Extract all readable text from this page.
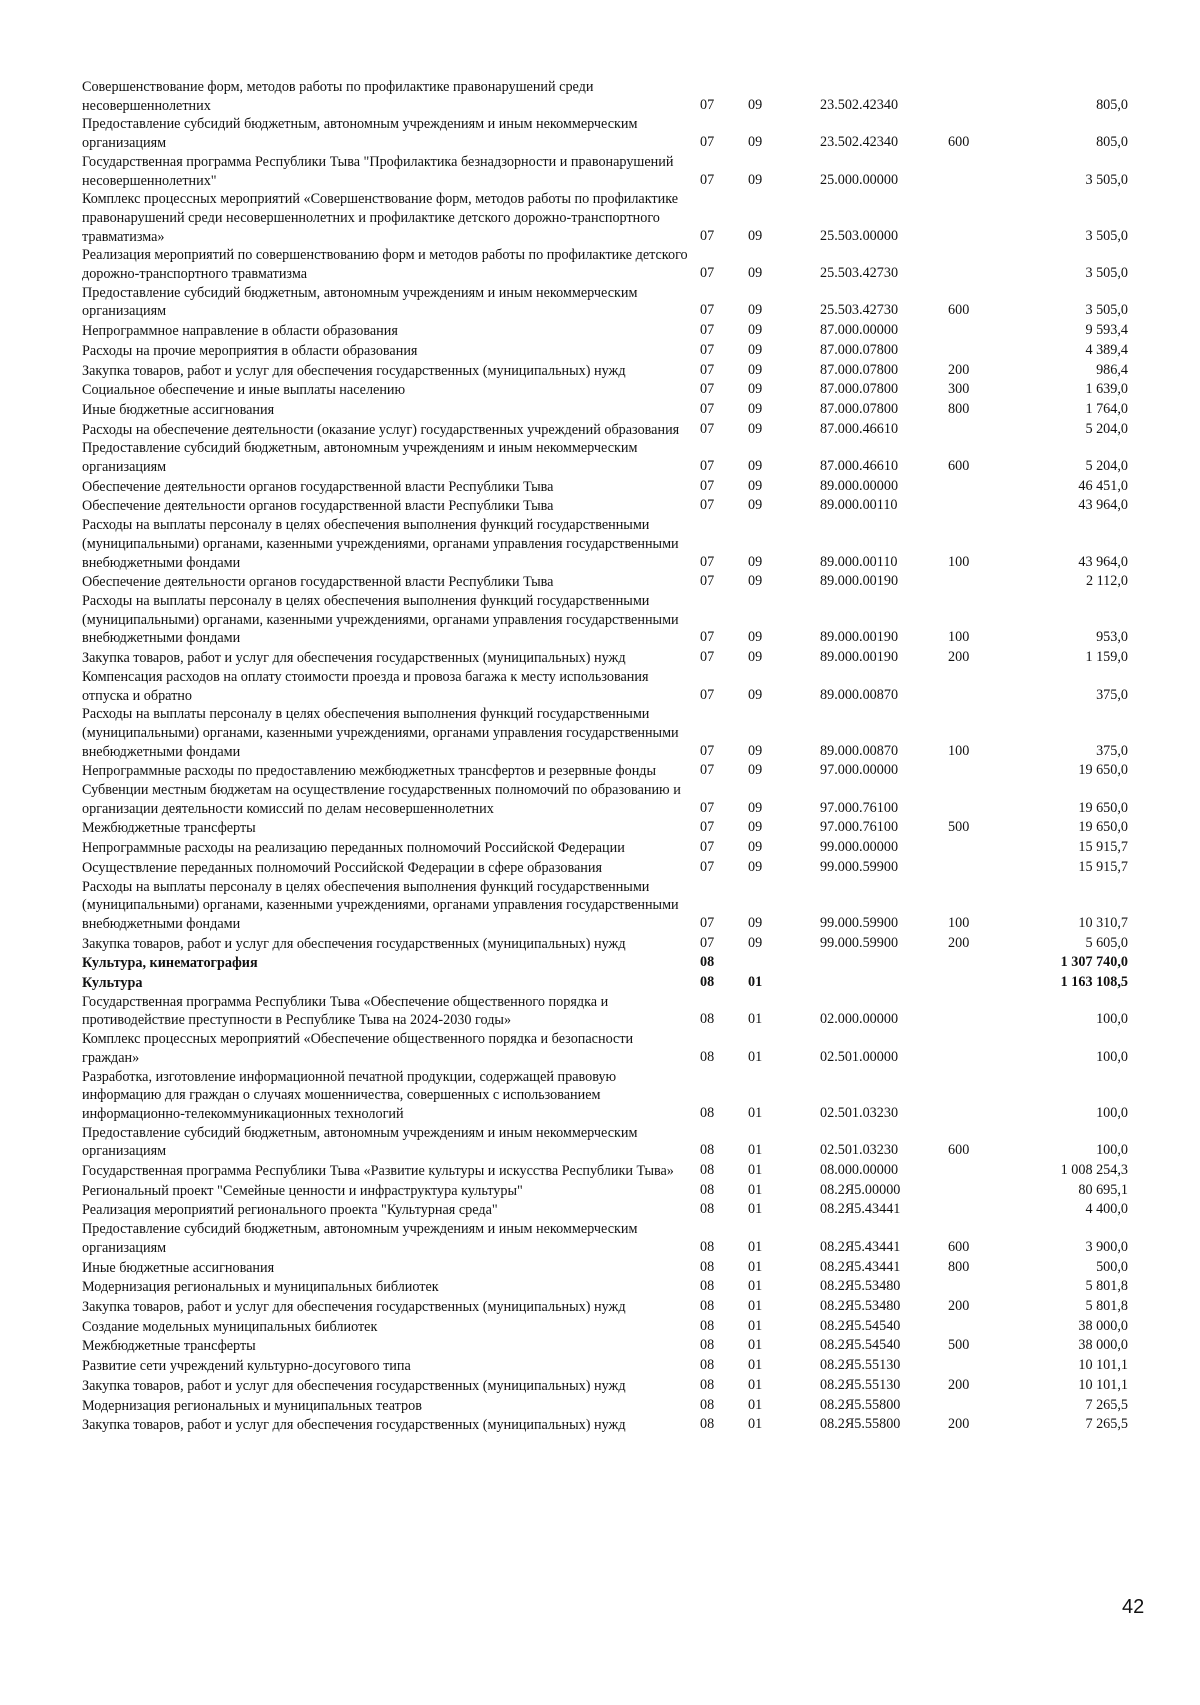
Совершенствование форм, методов работы по профилактике правонарушений среди несовершеннолетних	07	09	23.502.42340		805,0
Предоставление субсидий бюджетным, автономным учреждениям и иным некоммерческим организациям	07	09	23.502.42340	600	805,0
Государственная программа Республики Тыва "Профилактика безнадзорности и правонарушений несовершеннолетних"	07	09	25.000.00000		3 505,0
Комплекс процессных мероприятий «Совершенствование форм, методов работы по профилактике правонарушений среди несовершеннолетних и профилактике детского дорожно-транспортного травматизма»	07	09	25.503.00000		3 505,0
Реализация мероприятий по совершенствованию форм и методов работы по профилактике детского дорожно-транспортного травматизма	07	09	25.503.42730		3 505,0
Предоставление субсидий бюджетным, автономным учреждениям и иным некоммерческим организациям	07	09	25.503.42730	600	3 505,0
Непрограммное направление в области образования	07	09	87.000.00000		9 593,4
Расходы на прочие мероприятия в области образования	07	09	87.000.07800		4 389,4
Закупка товаров, работ и услуг для обеспечения государственных (муниципальных) нужд	07	09	87.000.07800	200	986,4
Социальное обеспечение и иные выплаты населению	07	09	87.000.07800	300	1 639,0
Иные бюджетные ассигнования	07	09	87.000.07800	800	1 764,0
Расходы на обеспечение деятельности (оказание услуг) государственных учреждений образования	07	09	87.000.46610		5 204,0
Предоставление субсидий бюджетным, автономным учреждениям и иным некоммерческим организациям	07	09	87.000.46610	600	5 204,0
Обеспечение деятельности органов государственной власти Республики Тыва	07	09	89.000.00000		46 451,0
Обеспечение деятельности органов государственной власти Республики Тыва	07	09	89.000.00110		43 964,0
Расходы на выплаты персоналу в целях обеспечения выполнения функций государственными (муниципальными) органами, казенными учреждениями, органами управления государственными внебюджетными фондами	07	09	89.000.00110	100	43 964,0
Обеспечение деятельности органов государственной власти Республики Тыва	07	09	89.000.00190		2 112,0
Расходы на выплаты персоналу в целях обеспечения выполнения функций государственными (муниципальными) органами, казенными учреждениями, органами управления государственными внебюджетными фондами	07	09	89.000.00190	100	953,0
Закупка товаров, работ и услуг для обеспечения государственных (муниципальных) нужд	07	09	89.000.00190	200	1 159,0
Компенсация расходов на оплату стоимости проезда и провоза багажа к месту использования отпуска и обратно	07	09	89.000.00870		375,0
Расходы на выплаты персоналу в целях обеспечения выполнения функций государственными (муниципальными) органами, казенными учреждениями, органами управления государственными внебюджетными фондами	07	09	89.000.00870	100	375,0
Непрограммные расходы по предоставлению межбюджетных трансфертов и резервные фонды	07	09	97.000.00000		19 650,0
Субвенции местным бюджетам на осуществление государственных полномочий по образованию и организации деятельности комиссий по делам несовершеннолетних	07	09	97.000.76100		19 650,0
Межбюджетные трансферты	07	09	97.000.76100	500	19 650,0
Непрограммные расходы на реализацию переданных полномочий Российской Федерации	07	09	99.000.00000		15 915,7
Осуществление переданных полномочий Российской Федерации в сфере образования	07	09	99.000.59900		15 915,7
Расходы на выплаты персоналу в целях обеспечения выполнения функций государственными (муниципальными) органами, казенными учреждениями, органами управления государственными внебюджетными фондами	07	09	99.000.59900	100	10 310,7
Закупка товаров, работ и услуг для обеспечения государственных (муниципальных) нужд	07	09	99.000.59900	200	5 605,0
Культура, кинематография	08				1 307 740,0
Культура	08	01			1 163 108,5
Государственная программа Республики Тыва «Обеспечение общественного порядка и противодействие преступности в Республике Тыва на 2024-2030 годы»	08	01	02.000.00000		100,0
Комплекс процессных мероприятий «Обеспечение общественного порядка и безопасности граждан»	08	01	02.501.00000		100,0
Разработка, изготовление информационной печатной продукции, содержащей правовую информацию для граждан о случаях мошенничества, совершенных с использованием информационно-телекоммуникационных технологий	08	01	02.501.03230		100,0
Предоставление субсидий бюджетным, автономным учреждениям и иным некоммерческим организациям	08	01	02.501.03230	600	100,0
Государственная программа Республики Тыва «Развитие культуры и искусства Республики Тыва»	08	01	08.000.00000		1 008 254,3
Региональный проект "Семейные ценности и инфраструктура культуры"	08	01	08.2Я5.00000		80 695,1
Реализация мероприятий регионального проекта "Культурная среда"	08	01	08.2Я5.43441		4 400,0
Предоставление субсидий бюджетным, автономным учреждениям и иным некоммерческим организациям	08	01	08.2Я5.43441	600	3 900,0
Иные бюджетные ассигнования	08	01	08.2Я5.43441	800	500,0
Модернизация региональных и муниципальных библиотек	08	01	08.2Я5.53480		5 801,8
Закупка товаров, работ и услуг для обеспечения государственных (муниципальных) нужд	08	01	08.2Я5.53480	200	5 801,8
Создание модельных муниципальных библиотек	08	01	08.2Я5.54540		38 000,0
Межбюджетные трансферты	08	01	08.2Я5.54540	500	38 000,0
Развитие сети учреждений культурно-досугового типа	08	01	08.2Я5.55130		10 101,1
Закупка товаров, работ и услуг для обеспечения государственных (муниципальных) нужд	08	01	08.2Я5.55130	200	10 101,1
Модернизация региональных и муниципальных театров	08	01	08.2Я5.55800		7 265,5
Закупка товаров, работ и услуг для обеспечения государственных (муниципальных) нужд	08	01	08.2Я5.55800	200	7 265,5
42
